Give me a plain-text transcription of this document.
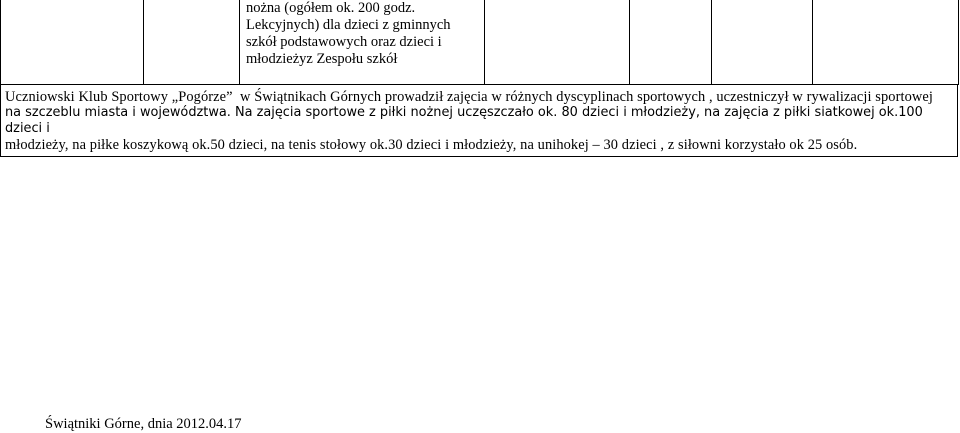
nożna (ogółem ok. 200 godz.
Lekcyjnych) dla dzieci z gminnych
szkół podstawowych oraz dzieci i
młodzieżyz Zespołu szkół

Uczniowski Klub Sportowy „Pogórze”  w Świątnikach Górnych prowadził zajęcia w różnych dyscyplinach sportowych , uczestniczył w rywalizacji sportowej

na szczeblu miasta i województwa. Na zajęcia sportowe z piłki nożnej uczęszczało ok. 80 dzieci i młodzieży, na zajęcia z piłki siatkowej ok.100 dzieci i

młodzieży, na piłke koszykową ok.50 dzieci, na tenis stołowy ok.30 dzieci i młodzieży, na unihokej – 30 dzieci , z siłowni korzystało ok 25 osób.

Świątniki Górne, dnia 2012.04.17
